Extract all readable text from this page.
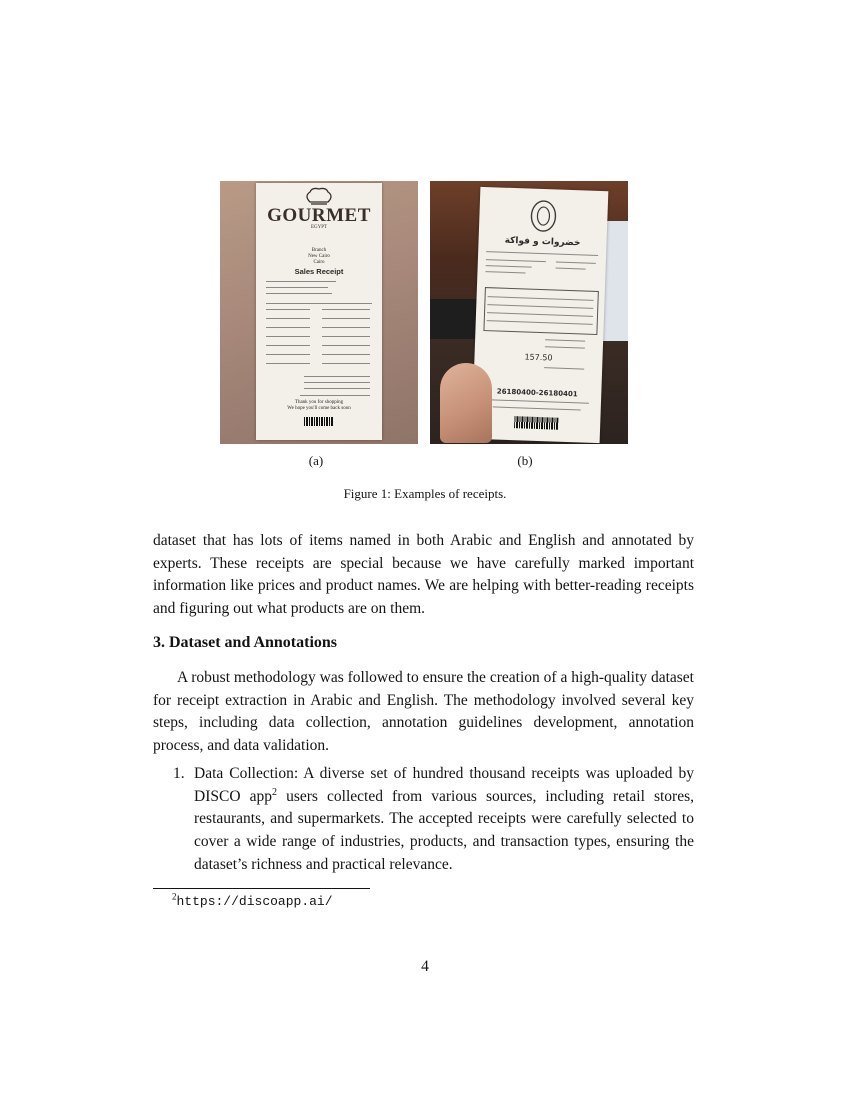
GOURMET
EGYPT
Branch
New Cairo
Cairo
Sales Receipt
Thank you for shopping
We hope you'll come back soon
خضروات و فواكة
157.50
26180400-26180401
(a)	(b)
Figure 1: Examples of receipts.

dataset that has lots of items named in both Arabic and English and annotated by experts. These receipts are special because we have carefully marked important information like prices and product names. We are helping with better-reading receipts and figuring out what products are on them.

3. Dataset and Annotations

A robust methodology was followed to ensure the creation of a high-quality dataset for receipt extraction in Arabic and English. The methodology involved several key steps, including data collection, annotation guidelines development, annotation process, and data validation.

1. Data Collection: A diverse set of hundred thousand receipts was uploaded by DISCO app$^2$ users collected from various sources, including retail stores, restaurants, and supermarkets. The accepted receipts were carefully selected to cover a wide range of industries, products, and transaction types, ensuring the dataset’s richness and practical relevance.

$^2$https://discoapp.ai/
4
